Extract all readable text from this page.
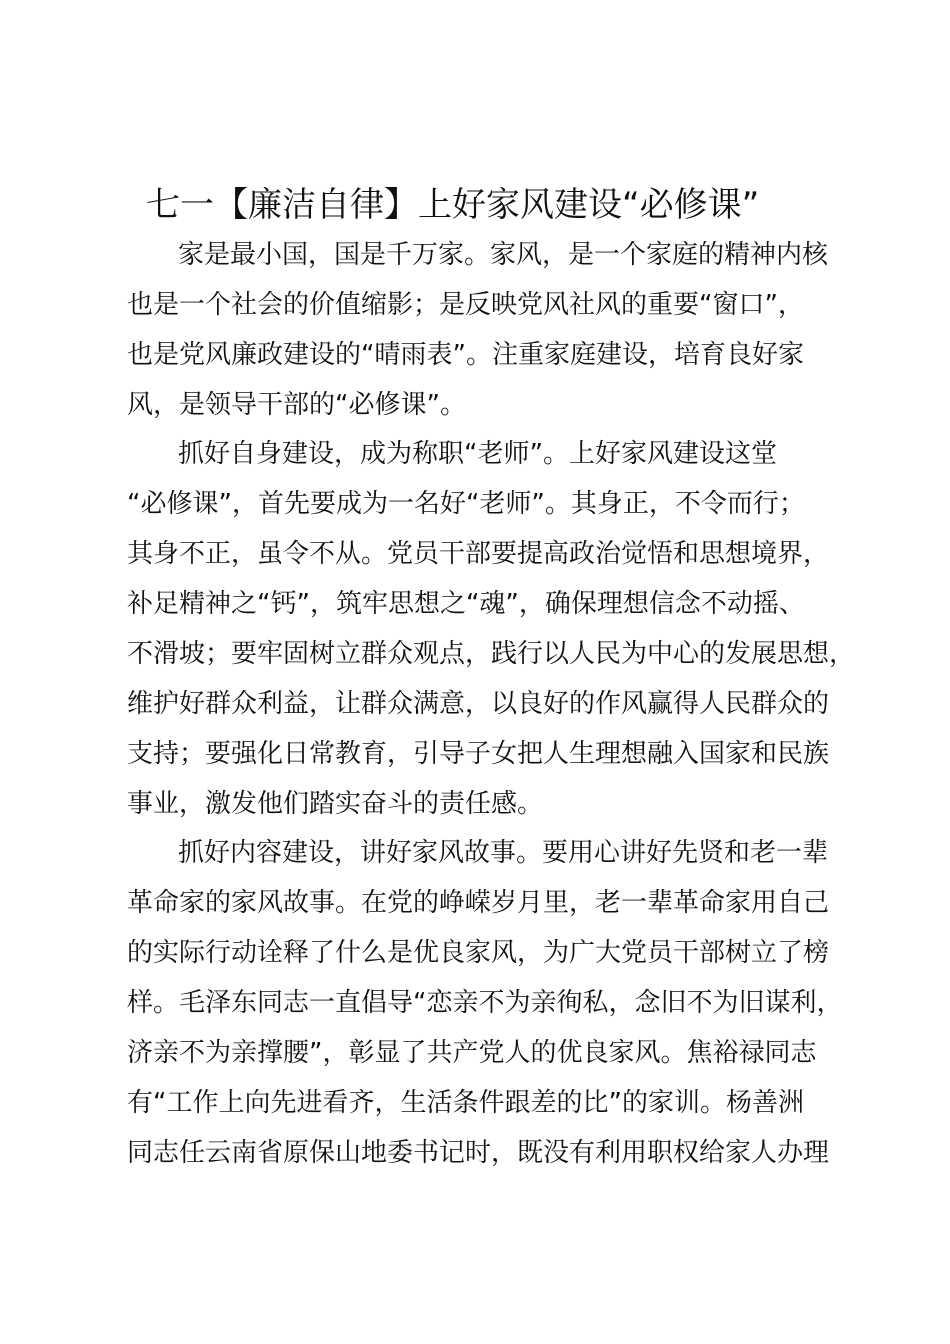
七一【廉洁自律】上好家风建设“必修课”
家是最小国，国是千万家。家风，是一个家庭的精神内核
也是一个社会的价值缩影；是反映党风社风的重要“窗口”，
也是党风廉政建设的“晴雨表”。注重家庭建设，培育良好家
风，是领导干部的“必修课”。
抓好自身建设，成为称职“老师”。上好家风建设这堂
“必修课”，首先要成为一名好“老师”。其身正，不令而行；
其身不正，虽令不从。党员干部要提高政治觉悟和思想境界，
补足精神之“钙”，筑牢思想之“魂”，确保理想信念不动摇、
不滑坡；要牢固树立群众观点，践行以人民为中心的发展思想，
维护好群众利益，让群众满意，以良好的作风赢得人民群众的
支持；要强化日常教育，引导子女把人生理想融入国家和民族
事业，激发他们踏实奋斗的责任感。
抓好内容建设，讲好家风故事。要用心讲好先贤和老一辈
革命家的家风故事。在党的峥嵘岁月里，老一辈革命家用自己
的实际行动诠释了什么是优良家风，为广大党员干部树立了榜
样。毛泽东同志一直倡导“恋亲不为亲徇私，念旧不为旧谋利，
济亲不为亲撑腰”，彰显了共产党人的优良家风。焦裕禄同志
有“工作上向先进看齐，生活条件跟差的比”的家训。杨善洲
同志任云南省原保山地委书记时，既没有利用职权给家人办理
